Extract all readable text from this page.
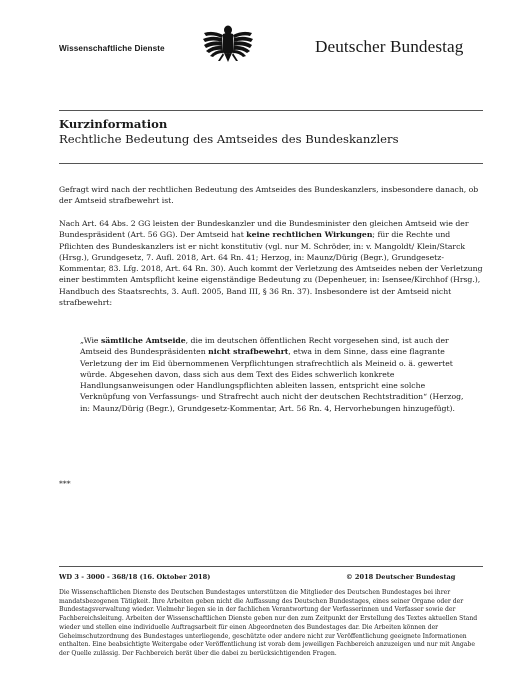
Wissenschaftliche Dienste	Deutscher Bundestag
Kurzinformation
Rechtliche Bedeutung des Amtseides des Bundeskanzlers
Gefragt wird nach der rechtlichen Bedeutung des Amtseides des Bundeskanzlers, insbesondere danach, ob der Amtseid strafbewehrt ist.
Nach Art. 64 Abs. 2 GG leisten der Bundeskanzler und die Bundesminister den gleichen Amtseid wie der Bundespräsident (Art. 56 GG). Der Amtseid hat keine rechtlichen Wirkungen; für die Rechte und Pflichten des Bundeskanzlers ist er nicht konstitutiv (vgl. nur M. Schröder, in: v. Mangoldt/ Klein/Starck (Hrsg.), Grundgesetz, 7. Aufl. 2018, Art. 64 Rn. 41; Herzog, in: Maunz/Dürig (Begr.), Grundgesetz-Kommentar, 83. Lfg. 2018, Art. 64 Rn. 30). Auch kommt der Verletzung des Amtseides neben der Verletzung einer bestimmten Amtspflicht keine eigenständige Bedeutung zu (Depenheuer, in: Isensee/Kirchhof (Hrsg.), Handbuch des Staatsrechts, 3. Aufl. 2005, Band III, § 36 Rn. 37). Insbesondere ist der Amtseid nicht strafbewehrt:
„Wie sämtliche Amtseide, die im deutschen öffentlichen Recht vorgesehen sind, ist auch der Amtseid des Bundespräsidenten nicht strafbewehrt, etwa in dem Sinne, dass eine flagrante Verletzung der im Eid übernommenen Verpflichtungen strafrechtlich als Meineid o. ä. gewertet würde. Abgesehen davon, dass sich aus dem Text des Eides schwerlich konkrete Handlungsanweisungen oder Handlungspflichten ableiten lassen, entspricht eine solche Verknüpfung von Verfassungs- und Strafrecht auch nicht der deutschen Rechtstradition“ (Herzog, in: Maunz/Dürig (Begr.), Grundgesetz-Kommentar, Art. 56 Rn. 4, Hervorhebungen hinzugefügt).
***
WD 3 - 3000 - 368/18 (16. Oktober 2018)	© 2018 Deutscher Bundestag
Die Wissenschaftlichen Dienste des Deutschen Bundestages unterstützen die Mitglieder des Deutschen Bundestages bei ihrer mandatsbezogenen Tätigkeit. Ihre Arbeiten geben nicht die Auffassung des Deutschen Bundestages, eines seiner Organe oder der Bundestagsverwaltung wieder. Vielmehr liegen sie in der fachlichen Verantwortung der Verfasserinnen und Verfasser sowie der Fachbereichsleitung. Arbeiten der Wissenschaftlichen Dienste geben nur den zum Zeitpunkt der Erstellung des Textes aktuellen Stand wieder und stellen eine individuelle Auftragsarbeit für einen Abgeordneten des Bundestages dar. Die Arbeiten können der Geheimschutzordnung des Bundestages unterliegende, geschützte oder andere nicht zur Veröffentlichung geeignete Informationen enthalten. Eine beabsichtigte Weitergabe oder Veröffentlichung ist vorab dem jeweiligen Fachbereich anzuzeigen und nur mit Angabe der Quelle zulässig. Der Fachbereich berät über die dabei zu berücksichtigenden Fragen.
